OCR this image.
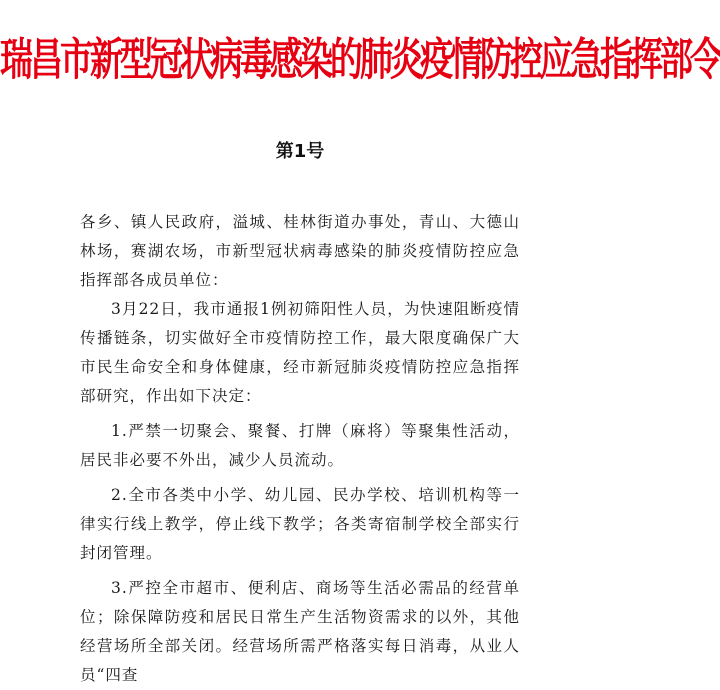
瑞昌市新型冠状病毒感染的肺炎疫情防控应急指挥部令
第1号

各乡、镇人民政府，溢城、桂林街道办事处，青山、大德山林场，赛湖农场，市新型冠状病毒感染的肺炎疫情防控应急指挥部各成员单位：

3月22日，我市通报1例初筛阳性人员，为快速阻断疫情传播链条，切实做好全市疫情防控工作，最大限度确保广大市民生命安全和身体健康，经市新冠肺炎疫情防控应急指挥部研究，作出如下决定：

1.严禁一切聚会、聚餐、打牌（麻将）等聚集性活动，居民非必要不外出，减少人员流动。

2.全市各类中小学、幼儿园、民办学校、培训机构等一律实行线上教学，停止线下教学；各类寄宿制学校全部实行封闭管理。

3.严控全市超市、便利店、商场等生活必需品的经营单位；除保障防疫和居民日常生产生活物资需求的以外，其他经营场所全部关闭。经营场所需严格落实每日消毒，从业人员“四查
